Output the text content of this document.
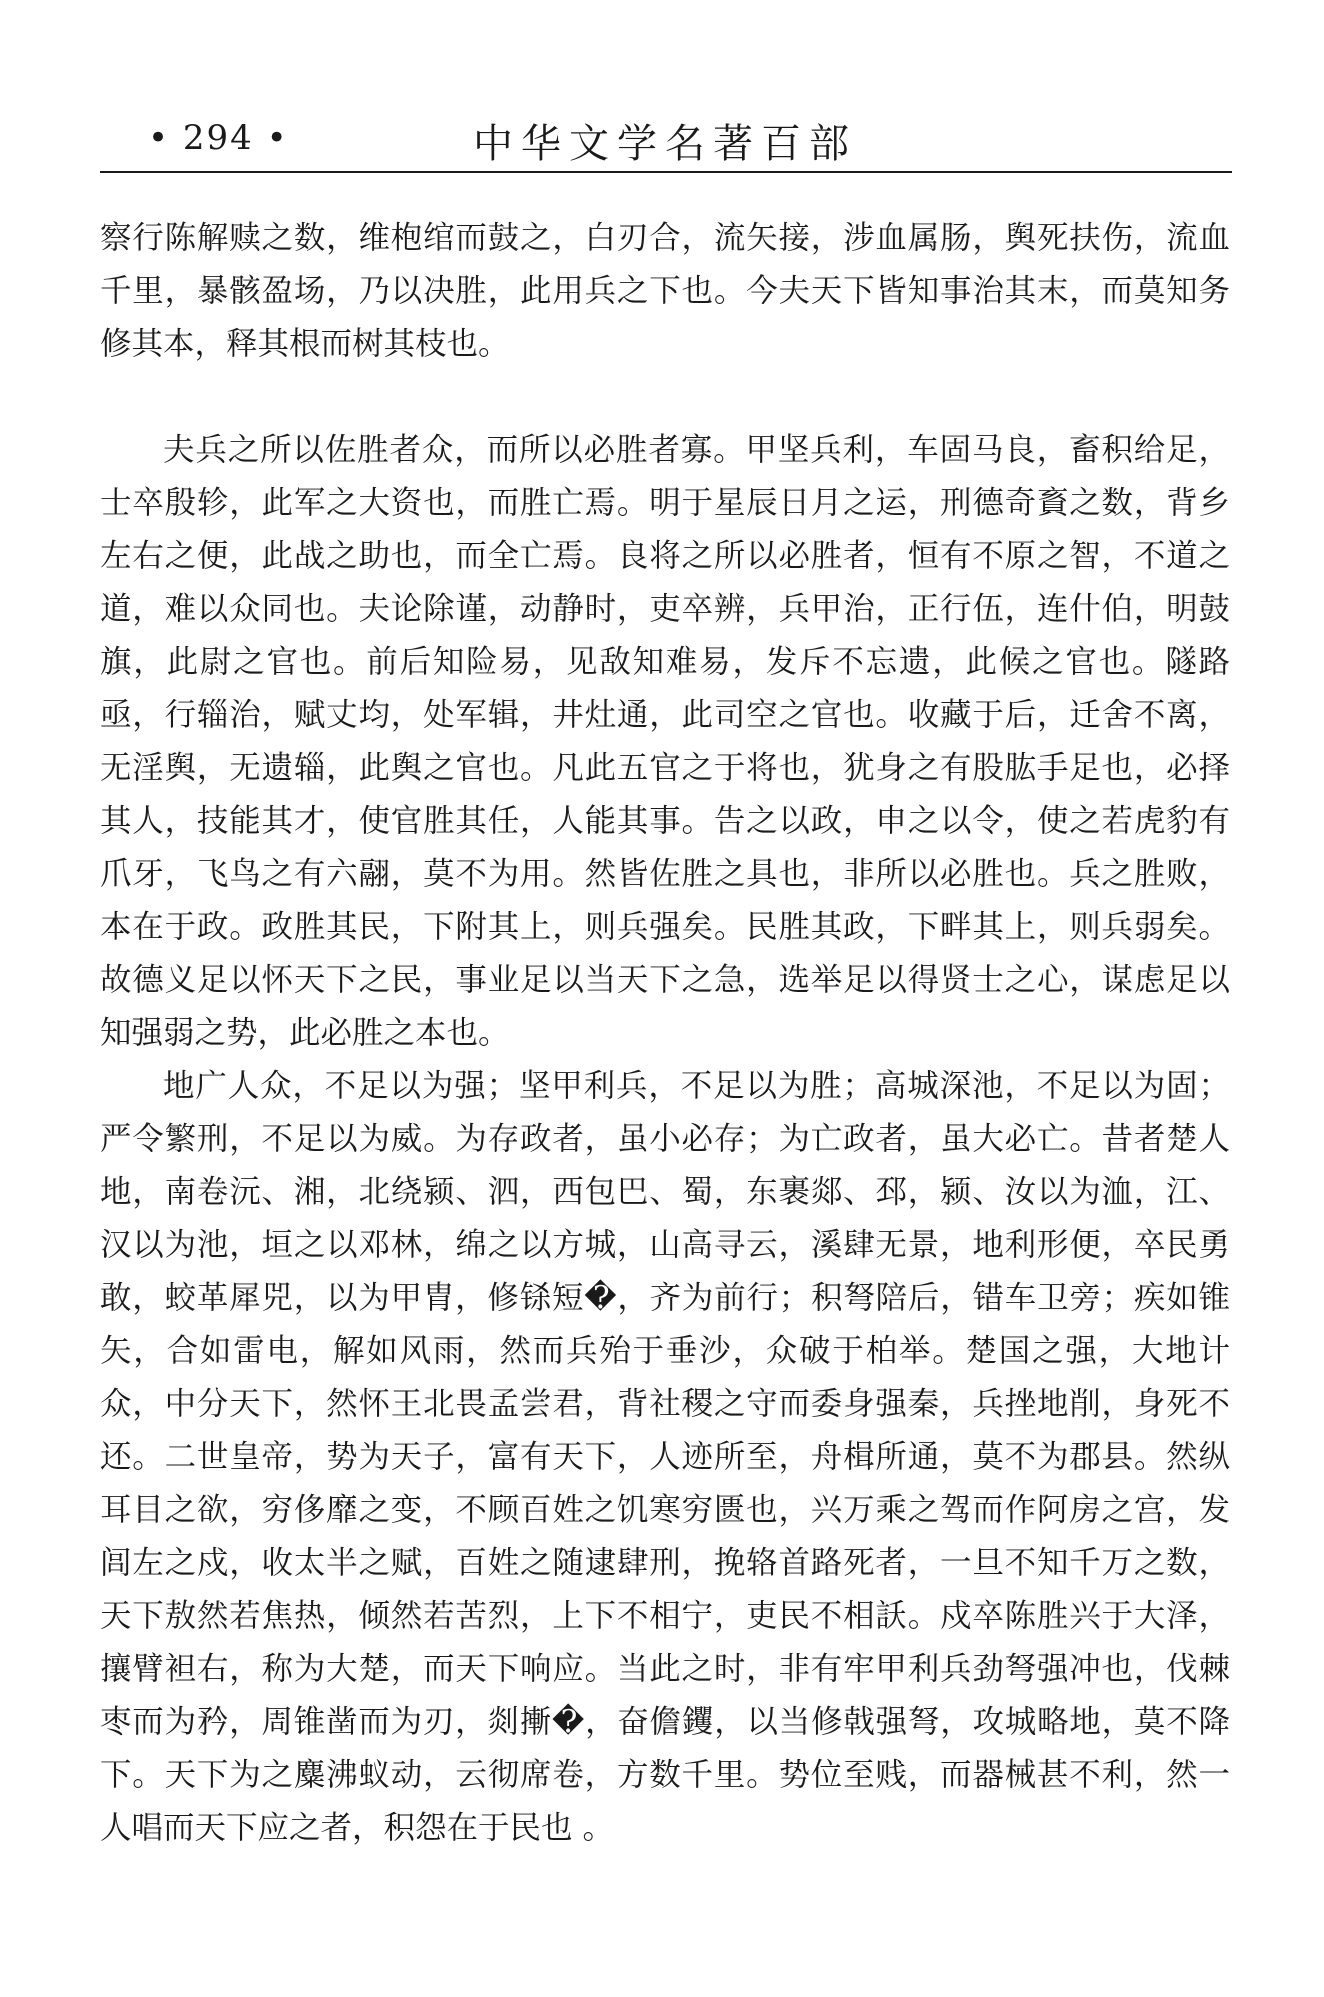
• 294 •	中华文学名著百部

察行陈解赎之数，维枹绾而鼓之，白刃合，流矢接，涉血属肠，舆死扶伤，流血千里，暴骸盈场，乃以决胜，此用兵之下也。今夫天下皆知事治其末，而莫知务修其本，释其根而树其枝也。

夫兵之所以佐胜者众，而所以必胜者寡。甲坚兵利，车固马良，畜积给足，士卒殷轸，此军之大资也，而胜亡焉。明于星辰日月之运，刑德奇賌之数，背乡左右之便，此战之助也，而全亡焉。良将之所以必胜者，恒有不原之智，不道之道，难以众同也。夫论除谨，动静时，吏卒辨，兵甲治，正行伍，连什伯，明鼓旗，此尉之官也。前后知险易，见敌知难易，发斥不忘遗，此候之官也。隧路亟，行辎治，赋丈均，处军辑，井灶通，此司空之官也。收藏于后，迁舍不离，无淫舆，无遗辎，此舆之官也。凡此五官之于将也，犹身之有股肱手足也，必择其人，技能其才，使官胜其任，人能其事。告之以政，申之以令，使之若虎豹有爪牙，飞鸟之有六翮，莫不为用。然皆佐胜之具也，非所以必胜也。兵之胜败，本在于政。政胜其民，下附其上，则兵强矣。民胜其政，下畔其上，则兵弱矣。故德义足以怀天下之民，事业足以当天下之急，选举足以得贤士之心，谋虑足以知强弱之势，此必胜之本也。

地广人众，不足以为强；坚甲利兵，不足以为胜；高城深池，不足以为固；严令繁刑，不足以为威。为存政者，虽小必存；为亡政者，虽大必亡。昔者楚人地，南卷沅、湘，北绕颍、泗，西包巴、蜀，东裹郯、邳，颍、汝以为洫，江、汉以为池，垣之以邓林，绵之以方城，山高寻云，溪肆无景，地利形便，卒民勇敢，蛟革犀兕，以为甲胄，修铩短�，齐为前行；积弩陪后，错车卫旁；疾如锥矢，合如雷电，解如风雨，然而兵殆于垂沙，众破于柏举。楚国之强，大地计众，中分天下，然怀王北畏孟尝君，背社稷之守而委身强秦，兵挫地削，身死不还。二世皇帝，势为天子，富有天下，人迹所至，舟楫所通，莫不为郡县。然纵耳目之欲，穷侈靡之变，不顾百姓之饥寒穷匮也，兴万乘之驾而作阿房之宫，发闾左之戍，收太半之赋，百姓之随逮肆刑，挽辂首路死者，一旦不知千万之数，天下敖然若焦热，倾然若苦烈，上下不相宁，吏民不相訞。戍卒陈胜兴于大泽，攘臂袒右，称为大楚，而天下响应。当此之时，非有牢甲利兵劲弩强冲也，伐棘枣而为矜，周锥凿而为刃，剡摲�，奋儋钁，以当修戟强弩，攻城略地，莫不降下。天下为之麋沸蚁动，云彻席卷，方数千里。势位至贱，而器械甚不利，然一人唱而天下应之者，积怨在于民也 。
